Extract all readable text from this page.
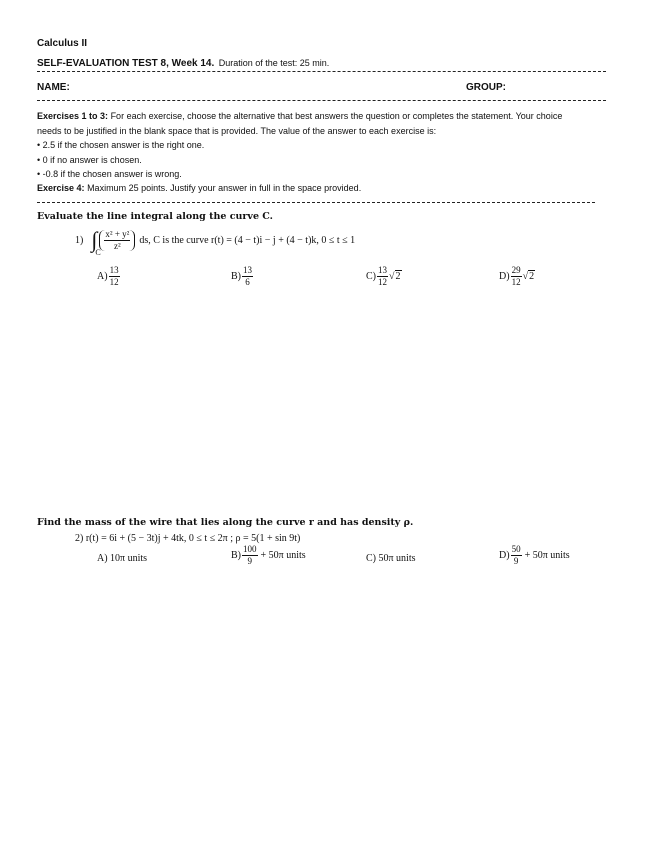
Calculus II
SELF-EVALUATION TEST 8, Week 14. Duration of the test: 25 min.
NAME:	GROUP:
Exercises 1 to 3: For each exercise, choose the alternative that best answers the question or completes the statement. Your choice
needs to be justified in the blank space that is provided. The value of the answer to each exercise is:
• 2.5 if the chosen answer is the right one.
• 0 if no answer is chosen.
• -0.8 if the chosen answer is wrong.
Exercise 4: Maximum 25 points. Justify your answer in full in the space provided.
Evaluate the line integral along the curve C.
1) ∫
C
$\frac{\text{x² + y²}}{\text{z²}}$ ds, C is the curve r(t) = (4 − t)i − j + (4 − t)k, 0 ≤ t ≤ 1
$A) \frac{13}{12}$	$B) \frac{13}{6}$	$C) \frac{13}{12} √2$	$D) \frac{29}{12} √2$
Find the mass of the wire that lies along the curve r and has density ρ.
2) r(t) = 6i + (5 − 3t)j + 4tk, 0 ≤ t ≤ 2π ; ρ = 5(1 + sin 9t)
A) 10π units	$B) \frac{100}{9} + 50\pi$ units	C) 50π units	$D) \frac{50}{9} + 50\pi$ units
